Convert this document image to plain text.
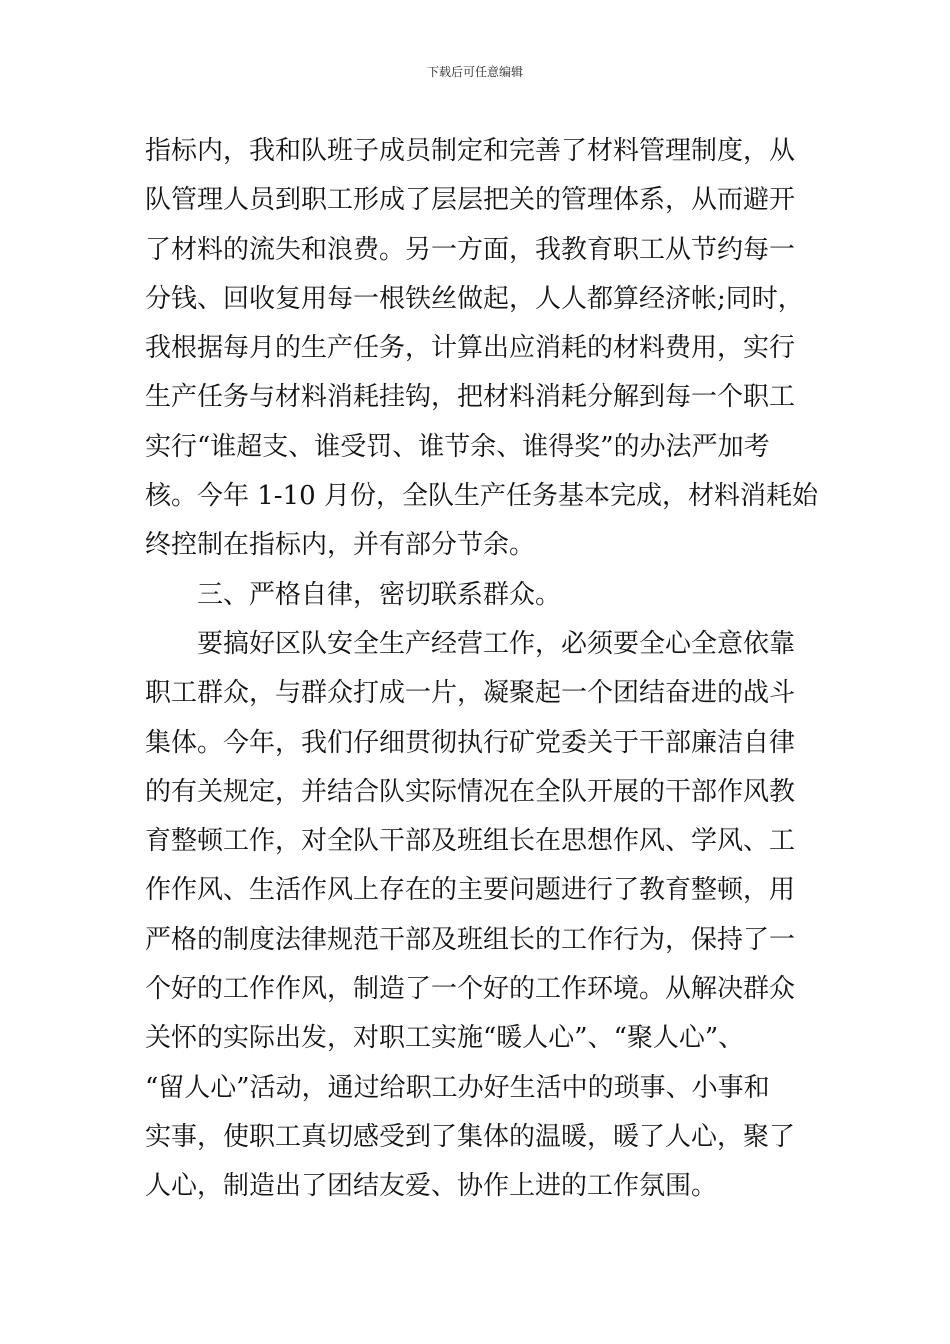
下载后可任意编辑
指标内，我和队班子成员制定和完善了材料管理制度，从
队管理人员到职工形成了层层把关的管理体系，从而避开
了材料的流失和浪费。另一方面，我教育职工从节约每一
分钱、回收复用每一根铁丝做起，人人都算经济帐;同时，
我根据每月的生产任务，计算出应消耗的材料费用，实行
生产任务与材料消耗挂钩，把材料消耗分解到每一个职工
实行“谁超支、谁受罚、谁节余、谁得奖”的办法严加考
核。今年 1-10 月份，全队生产任务基本完成，材料消耗始
终控制在指标内，并有部分节余。
三、严格自律，密切联系群众。
要搞好区队安全生产经营工作，必须要全心全意依靠
职工群众，与群众打成一片，凝聚起一个团结奋进的战斗
集体。今年，我们仔细贯彻执行矿党委关于干部廉洁自律
的有关规定，并结合队实际情况在全队开展的干部作风教
育整顿工作，对全队干部及班组长在思想作风、学风、工
作作风、生活作风上存在的主要问题进行了教育整顿，用
严格的制度法律规范干部及班组长的工作行为，保持了一
个好的工作作风，制造了一个好的工作环境。从解决群众
关怀的实际出发，对职工实施“暖人心”、“聚人心”、
“留人心”活动，通过给职工办好生活中的琐事、小事和
实事，使职工真切感受到了集体的温暖，暖了人心，聚了
人心，制造出了团结友爱、协作上进的工作氛围。
